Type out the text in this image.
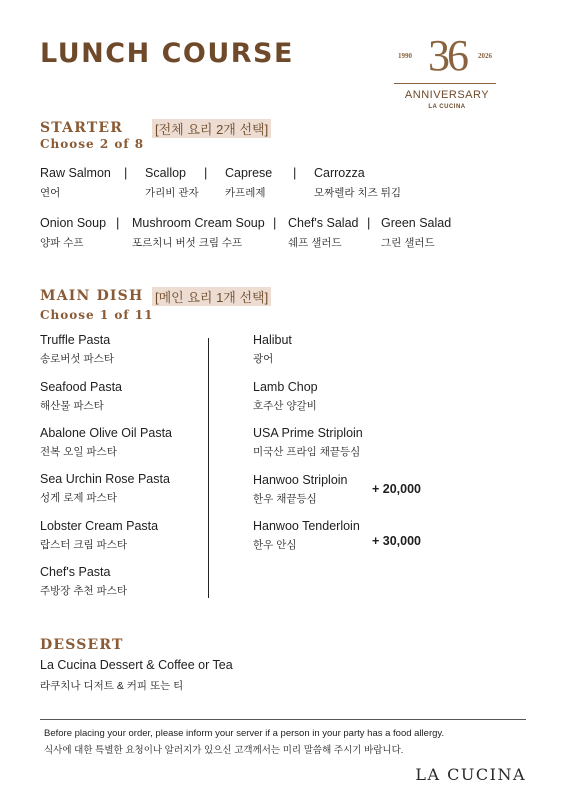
LUNCH COURSE	1990 36	2026
ANNIVERSARY
LA CUCINA
STARTER [전체 요리 2개 선택]
Choose 2 of 8
Raw Salmon
연어
| Scallop
가리비 관자
| Caprese
카프레제
| Carrozza
모짜렐라 치즈 튀김
Onion Soup
양파 수프
| Mushroom Cream Soup
포르치니 버섯 크림 수프
| Chef's Salad
쉐프 샐러드
| Green Salad
그린 샐러드
MAIN DISH [메인 요리 1개 선택]
Choose 1 of 11
Truffle Pasta
송로버섯 파스타
Seafood Pasta
해산물 파스타
Abalone Olive Oil Pasta
전복 오일 파스타
Sea Urchin Rose Pasta
성게 로제 파스타
Lobster Cream Pasta
랍스터 크림 파스타
Chef's Pasta
주방장 추천 파스타
Halibut
광어
Lamb Chop
호주산 양갈비
USA Prime Striploin
미국산 프라임 채끝등심
Hanwoo Striploin
한우 채끝등심
+ 20,000
Hanwoo Tenderloin
한우 안심	+ 30,000
DESSERT
La Cucina Dessert & Coffee or Tea
라쿠치나 디저트 & 커피 또는 티
Before placing your order, please inform your server if a person in your party has a food allergy.
식사에 대한 특별한 요청이나 알러지가 있으신 고객께서는 미리 말씀해 주시기 바랍니다.
LA CUCINA
